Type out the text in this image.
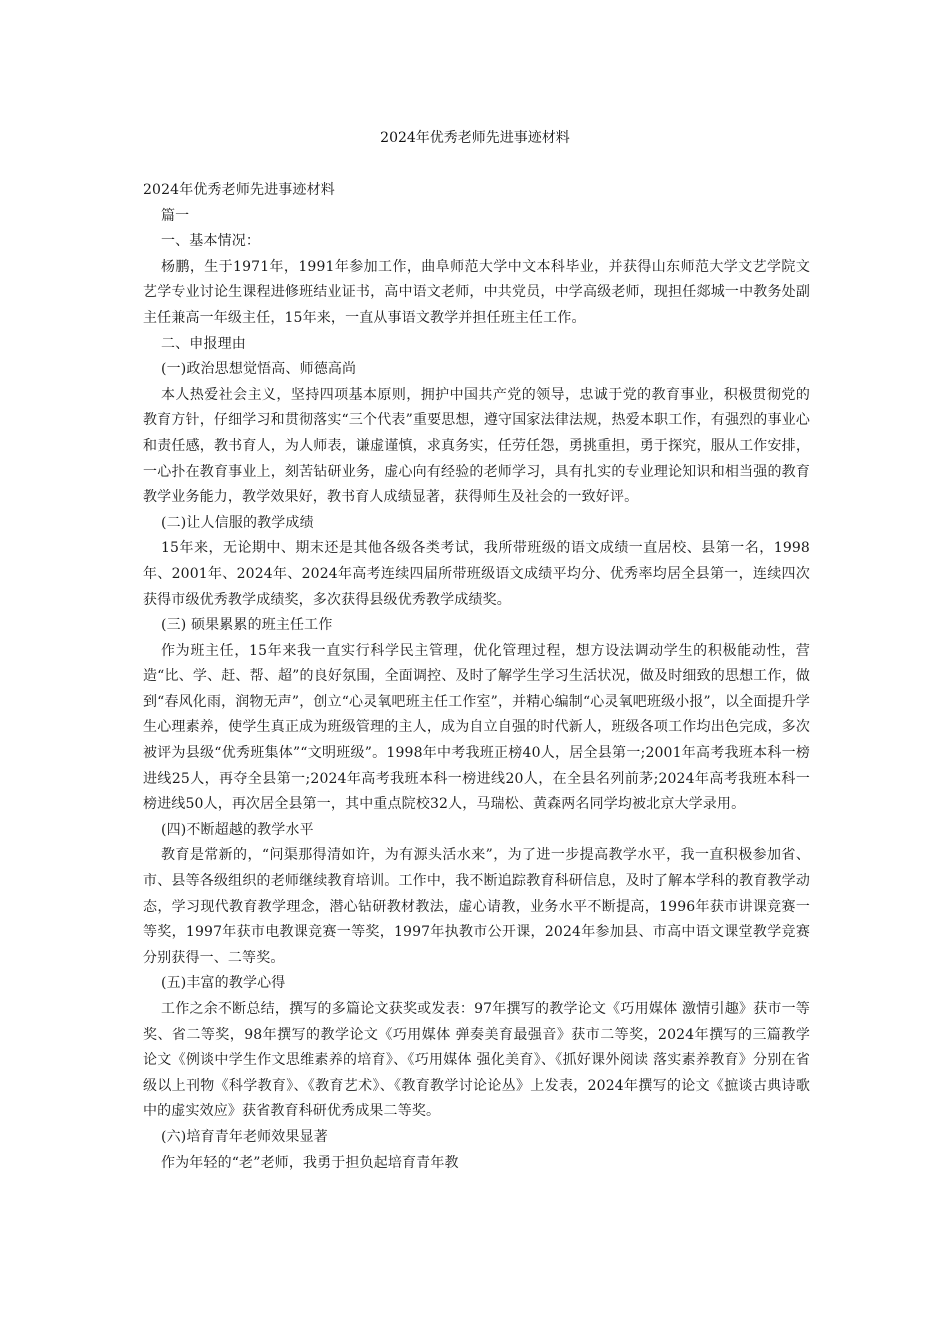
2024年优秀老师先进事迹材料

2024年优秀老师先进事迹材料

篇一

一、基本情况：

杨鹏，生于1971年，1991年参加工作，曲阜师范大学中文本科毕业，并获得山东师范大学文艺学院文艺学专业讨论生课程进修班结业证书，高中语文老师，中共党员，中学高级老师，现担任郯城一中教务处副主任兼高一年级主任，15年来，一直从事语文教学并担任班主任工作。

二、申报理由

(一)政治思想觉悟高、师德高尚

本人热爱社会主义，坚持四项基本原则，拥护中国共产党的领导，忠诚于党的教育事业，积极贯彻党的教育方针，仔细学习和贯彻落实“三个代表”重要思想，遵守国家法律法规，热爱本职工作，有强烈的事业心和责任感，教书育人，为人师表，谦虚谨慎，求真务实，任劳任怨，勇挑重担，勇于探究，服从工作安排，一心扑在教育事业上，刻苦钻研业务，虚心向有经验的老师学习，具有扎实的专业理论知识和相当强的教育教学业务能力，教学效果好，教书育人成绩显著，获得师生及社会的一致好评。

(二)让人信服的教学成绩

15年来，无论期中、期末还是其他各级各类考试，我所带班级的语文成绩一直居校、县第一名，1998年、2001年、2024年、2024年高考连续四届所带班级语文成绩平均分、优秀率均居全县第一，连续四次获得市级优秀教学成绩奖，多次获得县级优秀教学成绩奖。

(三) 硕果累累的班主任工作

作为班主任，15年来我一直实行科学民主管理，优化管理过程，想方设法调动学生的积极能动性，营造“比、学、赶、帮、超”的良好氛围，全面调控、及时了解学生学习生活状况，做及时细致的思想工作，做到“春风化雨，润物无声”，创立“心灵氧吧班主任工作室”，并精心编制“心灵氧吧班级小报”，以全面提升学生心理素养，使学生真正成为班级管理的主人，成为自立自强的时代新人，班级各项工作均出色完成，多次被评为县级“优秀班集体”“文明班级”。1998年中考我班正榜40人，居全县第一;2001年高考我班本科一榜进线25人，再夺全县第一;2024年高考我班本科一榜进线20人，在全县名列前茅;2024年高考我班本科一榜进线50人，再次居全县第一，其中重点院校32人，马瑞松、黄森两名同学均被北京大学录用。

(四)不断超越的教学水平

教育是常新的，“问渠那得清如许，为有源头活水来”，为了进一步提高教学水平，我一直积极参加省、市、县等各级组织的老师继续教育培训。工作中，我不断追踪教育科研信息，及时了解本学科的教育教学动态，学习现代教育教学理念，潜心钻研教材教法，虚心请教，业务水平不断提高，1996年获市讲课竞赛一等奖，1997年获市电教课竞赛一等奖，1997年执教市公开课，2024年参加县、市高中语文课堂教学竞赛分别获得一、二等奖。

(五)丰富的教学心得

工作之余不断总结，撰写的多篇论文获奖或发表：97年撰写的教学论文《巧用媒体 激情引趣》获市一等奖、省二等奖，98年撰写的教学论文《巧用媒体 弹奏美育最强音》获市二等奖，2024年撰写的三篇教学论文《例谈中学生作文思维素养的培育》、《巧用媒体 强化美育》、《抓好课外阅读 落实素养教育》分别在省级以上刊物《科学教育》、《教育艺术》、《教育教学讨论论丛》上发表，2024年撰写的论文《摭谈古典诗歌中的虚实效应》获省教育科研优秀成果二等奖。

(六)培育青年老师效果显著

作为年轻的“老”老师，我勇于担负起培育青年教
